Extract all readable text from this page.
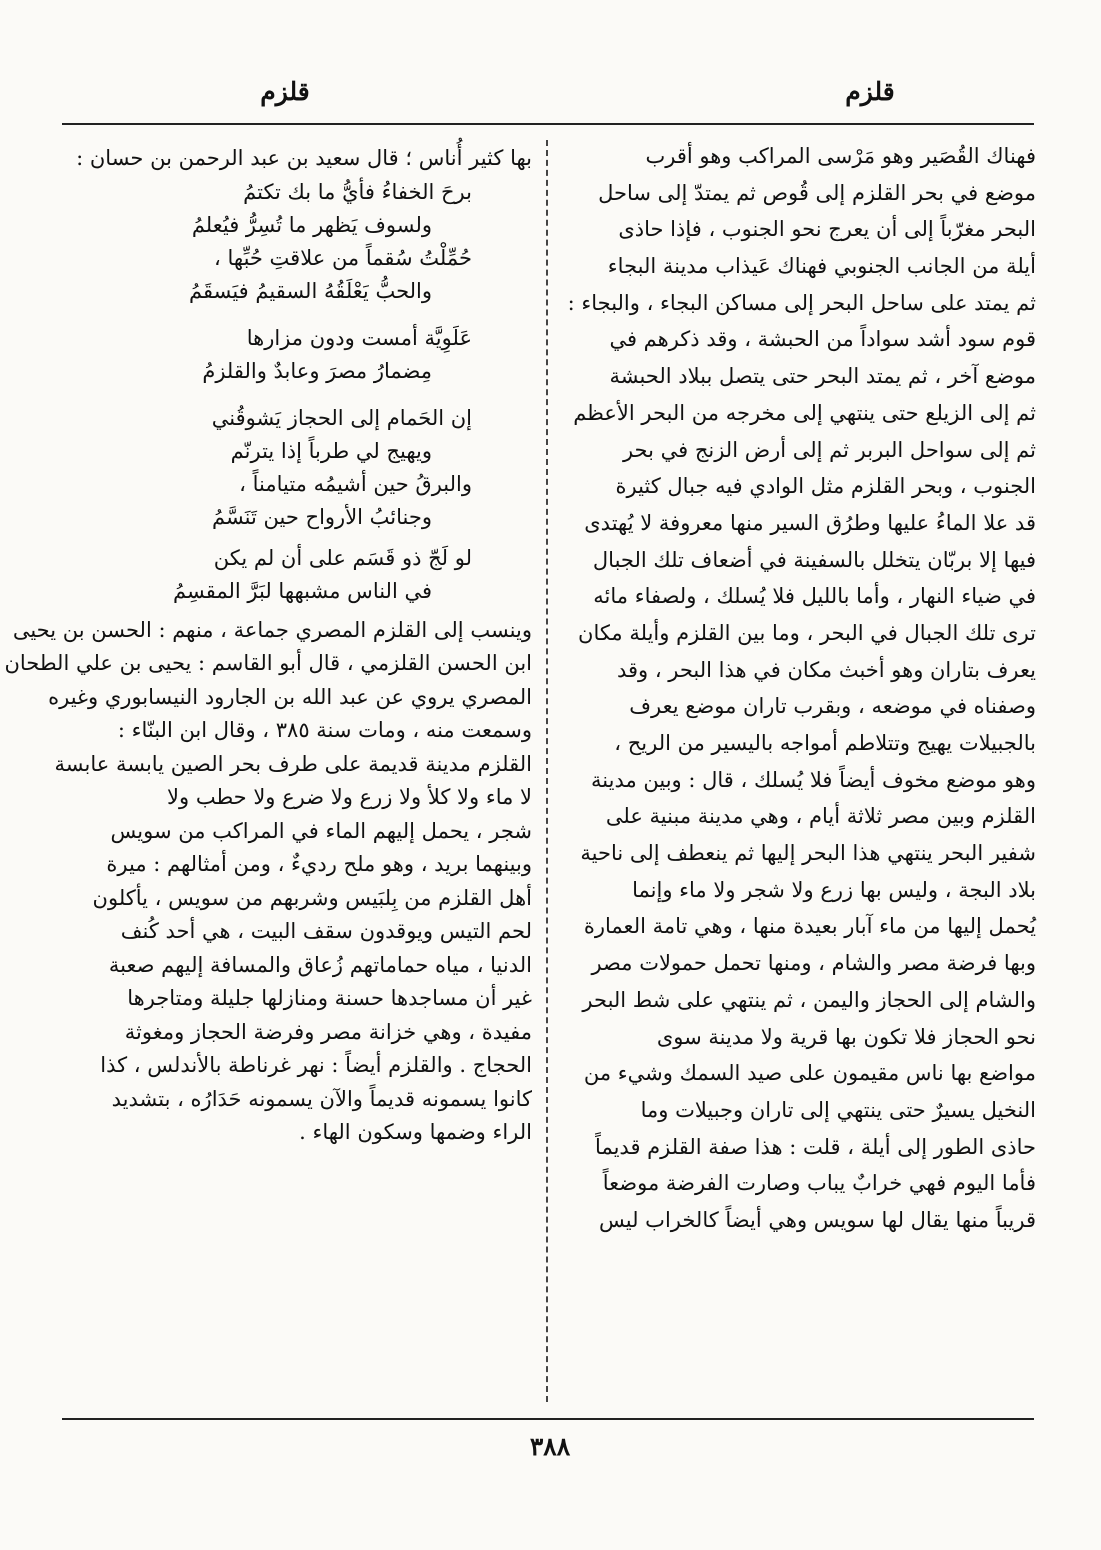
قلزم
قلزم
فهناك القُصَير وهو مَرْسى المراكب وهو أقرب
موضع في بحر القلزم إلى قُوص ثم يمتدّ إلى ساحل
البحر مغرّباً إلى أن يعرج نحو الجنوب ، فإذا حاذى
أيلة من الجانب الجنوبي فهناك عَيذاب مدينة البجاء
ثم يمتد على ساحل البحر إلى مساكن البجاء ، والبجاء :
قوم سود أشد سواداً من الحبشة ، وقد ذكرهم في
موضع آخر ، ثم يمتد البحر حتى يتصل ببلاد الحبشة
ثم إلى الزيلع حتى ينتهي إلى مخرجه من البحر الأعظم
ثم إلى سواحل البربر ثم إلى أرض الزنج في بحر
الجنوب ، وبحر القلزم مثل الوادي فيه جبال كثيرة
قد علا الماءُ عليها وطرُق السير منها معروفة لا يُهتدى
فيها إلا بربّان يتخلل بالسفينة في أضعاف تلك الجبال
في ضياء النهار ، وأما بالليل فلا يُسلك ، ولصفاء مائه
ترى تلك الجبال في البحر ، وما بين القلزم وأيلة مكان
يعرف بتاران وهو أخبث مكان في هذا البحر ، وقد
وصفناه في موضعه ، وبقرب تاران موضع يعرف
بالجبيلات يهيج وتتلاطم أمواجه باليسير من الريح ،
وهو موضع مخوف أيضاً فلا يُسلك ، قال : وبين مدينة
القلزم وبين مصر ثلاثة أيام ، وهي مدينة مبنية على
شفير البحر ينتهي هذا البحر إليها ثم ينعطف إلى ناحية
بلاد البجة ، وليس بها زرع ولا شجر ولا ماء وإنما
يُحمل إليها من ماء آبار بعيدة منها ، وهي تامة العمارة
وبها فرضة مصر والشام ، ومنها تحمل حمولات مصر
والشام إلى الحجاز واليمن ، ثم ينتهي على شط البحر
نحو الحجاز فلا تكون بها قرية ولا مدينة سوى
مواضع بها ناس مقيمون على صيد السمك وشيء من
النخيل يسيرٌ حتى ينتهي إلى تاران وجبيلات وما
حاذى الطور إلى أيلة ، قلت : هذا صفة القلزم قديماً
فأما اليوم فهي خرابٌ يباب وصارت الفرضة موضعاً
قريباً منها يقال لها سويس وهي أيضاً كالخراب ليس
بها كثير أُناس ؛ قال سعيد بن عبد الرحمن بن حسان :
برحَ الخفاءُ فأيُّ ما بك تكتمُ
ولسوف يَظهر ما تُسِرُّ فيُعلمُ
حُمِّلْتُ سُقماً من علاقتِ حُبِّها ،
والحبُّ يَعْلَقُهُ السقيمُ فيَسقَمُ
عَلَوِيَّة أمست ودون مزارها
مِضمارُ مصرَ وعابدٌ والقلزمُ
إن الحَمام إلى الحجاز يَشوقُني
ويهيج لي طرباً إذا يترنّم
والبرقُ حين أشيمُه متيامناً ،
وجنائبُ الأرواح حين تَنَسَّمُ
لو لَجّ ذو قَسَم على أن لم يكن
في الناس مشبهها لبَرَّ المقسِمُ
وينسب إلى القلزم المصري جماعة ، منهم : الحسن بن يحيى
ابن الحسن القلزمي ، قال أبو القاسم : يحيى بن علي الطحان
المصري يروي عن عبد الله بن الجارود النيسابوري وغيره
وسمعت منه ، ومات سنة ٣٨٥ ، وقال ابن البنّاء :
القلزم مدينة قديمة على طرف بحر الصين يابسة عابسة
لا ماء ولا كلأ ولا زرع ولا ضرع ولا حطب ولا
شجر ، يحمل إليهم الماء في المراكب من سويس
وبينهما بريد ، وهو ملح رديءٌ ، ومن أمثالهم : ميرة
أهل القلزم من بِلبَيس وشربهم من سويس ، يأكلون
لحم التيس ويوقدون سقف البيت ، هي أحد كُنف
الدنيا ، مياه حماماتهم زُعاق والمسافة إليهم صعبة
غير أن مساجدها حسنة ومنازلها جليلة ومتاجرها
مفيدة ، وهي خزانة مصر وفرضة الحجاز ومغوثة
الحجاج . والقلزم أيضاً : نهر غرناطة بالأندلس ، كذا
كانوا يسمونه قديماً والآن يسمونه حَدَارُه ، بتشديد
الراء وضمها وسكون الهاء .
٣٨٨
